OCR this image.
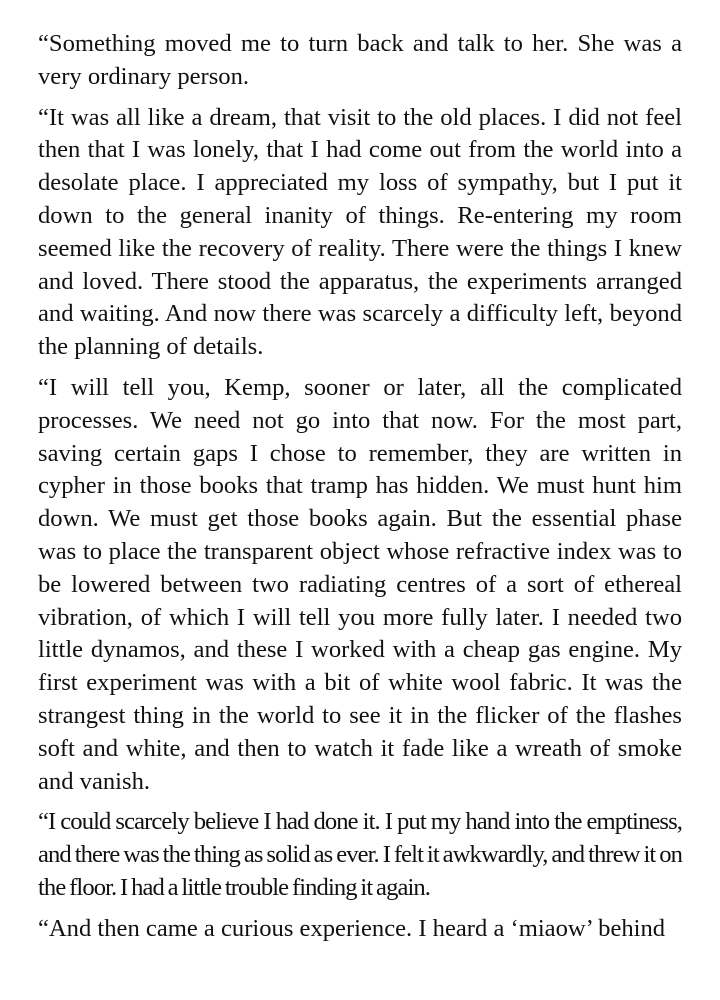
“Something moved me to turn back and talk to her. She was a very ordinary person.

“It was all like a dream, that visit to the old places. I did not feel then that I was lonely, that I had come out from the world into a desolate place. I appreciated my loss of sympathy, but I put it down to the general inanity of things. Re-entering my room seemed like the recovery of reality. There were the things I knew and loved. There stood the apparatus, the experiments arranged and waiting. And now there was scarcely a difficulty left, beyond the planning of details.

“I will tell you, Kemp, sooner or later, all the complicated processes. We need not go into that now. For the most part, saving certain gaps I chose to remember, they are written in cypher in those books that tramp has hidden. We must hunt him down. We must get those books again. But the essential phase was to place the transparent object whose refractive index was to be lowered between two radiating centres of a sort of ethereal vibration, of which I will tell you more fully later. I needed two little dynamos, and these I worked with a cheap gas engine. My first experiment was with a bit of white wool fabric. It was the strangest thing in the world to see it in the flicker of the flashes soft and white, and then to watch it fade like a wreath of smoke and vanish.

“I could scarcely believe I had done it. I put my hand into the emptiness, and there was the thing as solid as ever. I felt it awkwardly, and threw it on the floor. I had a little trouble finding it again.

“And then came a curious experience. I heard a ‘miaow’ behind
